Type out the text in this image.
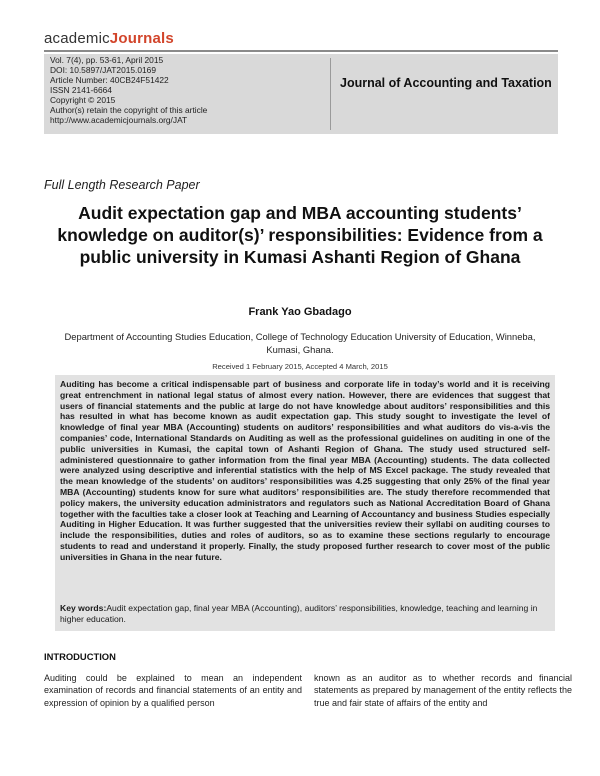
academicJournals
Vol. 7(4), pp. 53-61, April 2015
DOI: 10.5897/JAT2015.0169
Article Number: 40CB24F51422
ISSN 2141-6664
Copyright © 2015
Author(s) retain the copyright of this article
http://www.academicjournals.org/JAT
Journal of Accounting and Taxation
Full Length Research Paper
Audit expectation gap and MBA accounting students’ knowledge on auditor(s)’ responsibilities: Evidence from a public university in Kumasi Ashanti Region of Ghana
Frank Yao Gbadago
Department of Accounting Studies Education, College of Technology Education University of Education, Winneba, Kumasi, Ghana.
Received 1 February 2015, Accepted 4 March, 2015
Auditing has become a critical indispensable part of business and corporate life in today’s world and it is receiving great entrenchment in national legal status of almost every nation. However, there are evidences that suggest that users of financial statements and the public at large do not have knowledge about auditors’ responsibilities and this has resulted in what has become known as audit expectation gap. This study sought to investigate the level of knowledge of final year MBA (Accounting) students on auditors’ responsibilities and what auditors do vis-a-vis the companies’ code, International Standards on Auditing as well as the professional guidelines on auditing in one of the public universities in Kumasi, the capital town of Ashanti Region of Ghana. The study used structured self-administered questionnaire to gather information from the final year MBA (Accounting) students. The data collected were analyzed using descriptive and inferential statistics with the help of MS Excel package. The study revealed that the mean knowledge of the students’ on auditors’ responsibilities was 4.25 suggesting that only 25% of the final year MBA (Accounting) students know for sure what auditors’ responsibilities are. The study therefore recommended that policy makers, the university education administrators and regulators such as National Accreditation Board of Ghana together with the faculties take a closer look at Teaching and Learning of Accountancy and business Studies especially Auditing in Higher Education. It was further suggested that the universities review their syllabi on auditing courses to include the responsibilities, duties and roles of auditors, so as to examine these sections regularly to encourage students to read and understand it properly. Finally, the study proposed further research to cover most of the public universities in Ghana in the near future.
Key words:Audit expectation gap, final year MBA (Accounting), auditors’ responsibilities, knowledge, teaching and learning in higher education.
INTRODUCTION
Auditing could be explained to mean an independent examination of records and financial statements of an entity and expression of opinion by a qualified person
known as an auditor as to whether records and financial statements as prepared by management of the entity reflects the true and fair state of affairs of the entity and
